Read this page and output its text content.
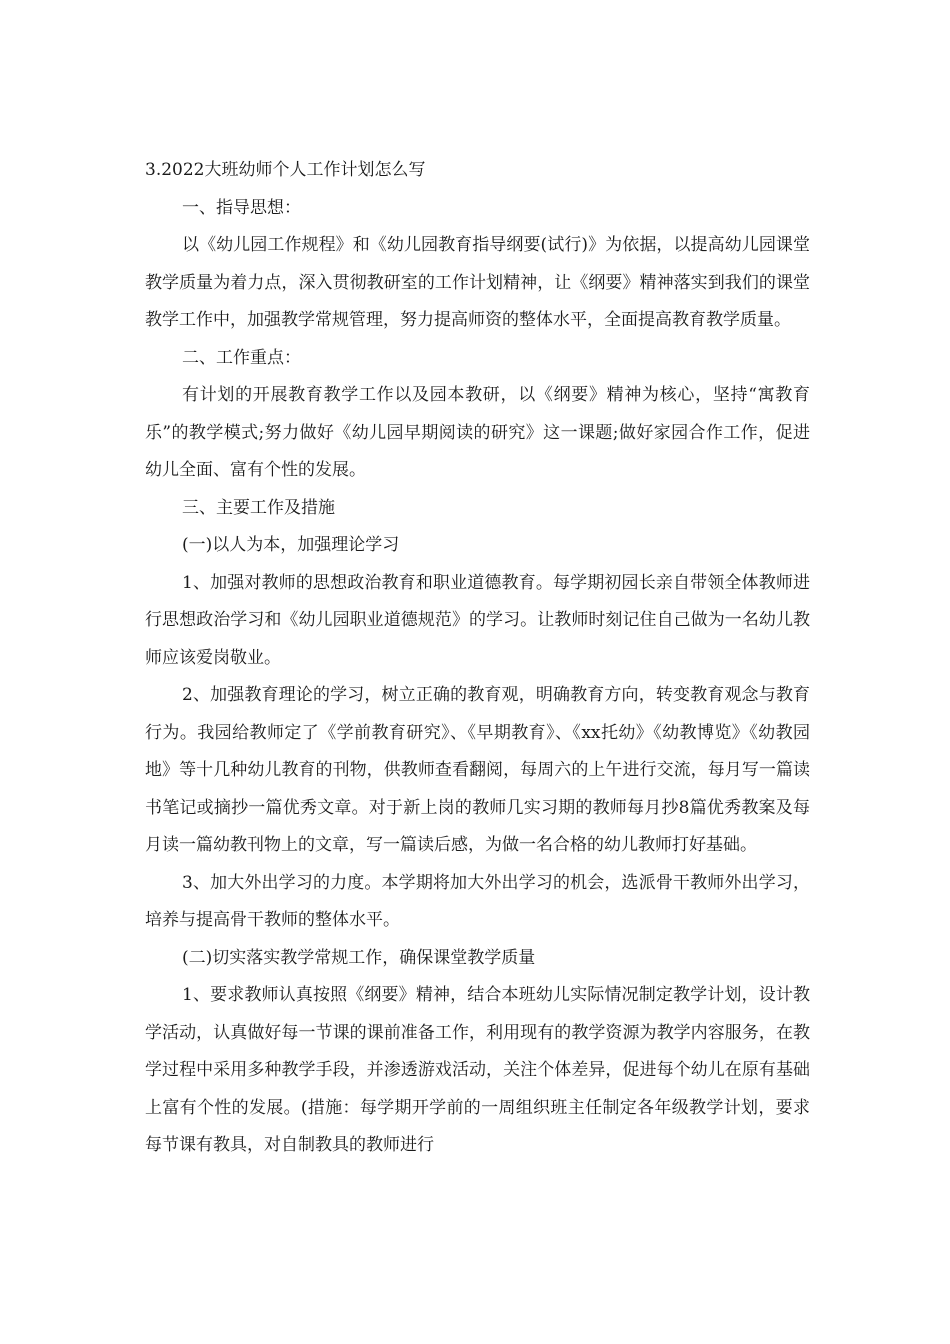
3.2022大班幼师个人工作计划怎么写

一、指导思想：

以《幼儿园工作规程》和《幼儿园教育指导纲要(试行)》为依据，以提高幼儿园课堂教学质量为着力点，深入贯彻教研室的工作计划精神，让《纲要》精神落实到我们的课堂教学工作中，加强教学常规管理，努力提高师资的整体水平，全面提高教育教学质量。

二、工作重点：

有计划的开展教育教学工作以及园本教研，以《纲要》精神为核心，坚持“寓教育乐”的教学模式;努力做好《幼儿园早期阅读的研究》这一课题;做好家园合作工作，促进幼儿全面、富有个性的发展。

三、主要工作及措施

(一)以人为本，加强理论学习

1、加强对教师的思想政治教育和职业道德教育。每学期初园长亲自带领全体教师进行思想政治学习和《幼儿园职业道德规范》的学习。让教师时刻记住自己做为一名幼儿教师应该爱岗敬业。

2、加强教育理论的学习，树立正确的教育观，明确教育方向，转变教育观念与教育行为。我园给教师定了《学前教育研究》、《早期教育》、《xx托幼》《幼教博览》《幼教园地》等十几种幼儿教育的刊物，供教师查看翻阅，每周六的上午进行交流，每月写一篇读书笔记或摘抄一篇优秀文章。对于新上岗的教师几实习期的教师每月抄8篇优秀教案及每月读一篇幼教刊物上的文章，写一篇读后感，为做一名合格的幼儿教师打好基础。

3、加大外出学习的力度。本学期将加大外出学习的机会，选派骨干教师外出学习，培养与提高骨干教师的整体水平。

(二)切实落实教学常规工作，确保课堂教学质量

1、要求教师认真按照《纲要》精神，结合本班幼儿实际情况制定教学计划，设计教学活动，认真做好每一节课的课前准备工作，利用现有的教学资源为教学内容服务，在教学过程中采用多种教学手段，并渗透游戏活动，关注个体差异，促进每个幼儿在原有基础上富有个性的发展。(措施：每学期开学前的一周组织班主任制定各年级教学计划，要求每节课有教具，对自制教具的教师进行
